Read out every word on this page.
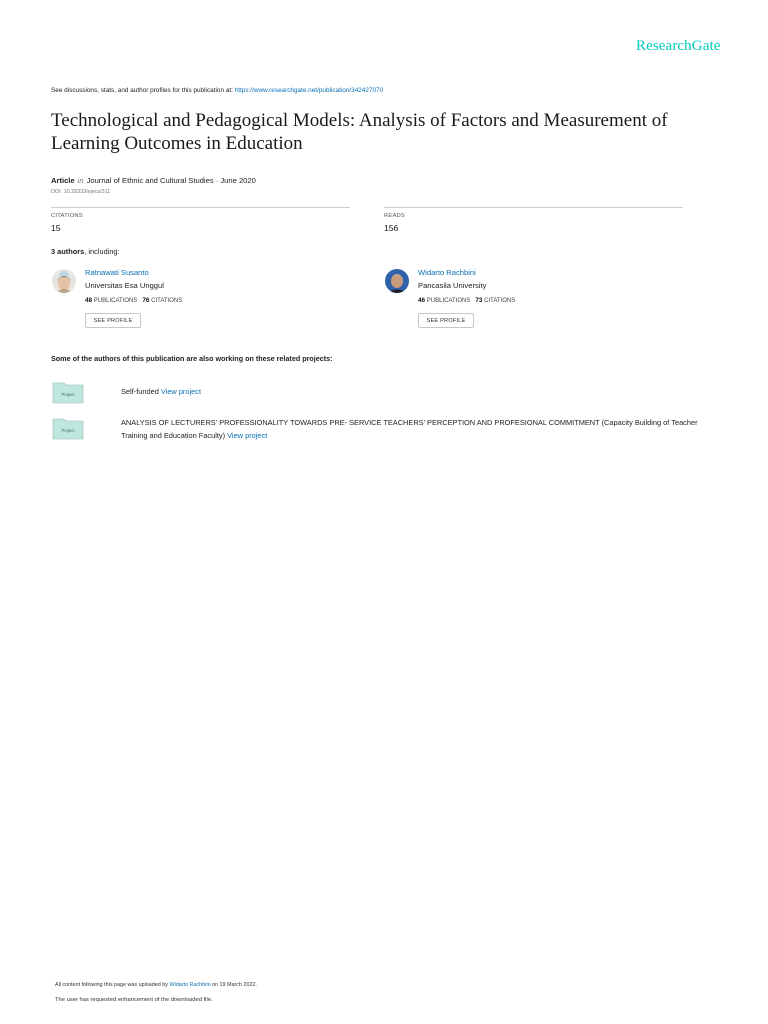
ResearchGate
See discussions, stats, and author profiles for this publication at: https://www.researchgate.net/publication/342427070
Technological and Pedagogical Models: Analysis of Factors and Measurement of Learning Outcomes in Education
Article in Journal of Ethnic and Cultural Studies · June 2020
DOI: 10.29333/ejecs/311
CITATIONS
15
READS
156
3 authors, including:
Ratnawati Susanto
Universitas Esa Unggul
48 PUBLICATIONS 76 CITATIONS
SEE PROFILE
Widarto Rachbini
Pancasila University
46 PUBLICATIONS 73 CITATIONS
SEE PROFILE
Some of the authors of this publication are also working on these related projects:
Project	Self-funded View project
Project
ANALYSIS OF LECTURERS' PROFESSIONALITY TOWARDS PRE- SERVICE TEACHERS' PERCEPTION AND PROFESIONAL COMMITMENT (Capacity Building of Teacher Training and Education Faculty) View project
All content following this page was uploaded by Widarto Rachbini on 19 March 2022.
The user has requested enhancement of the downloaded file.
